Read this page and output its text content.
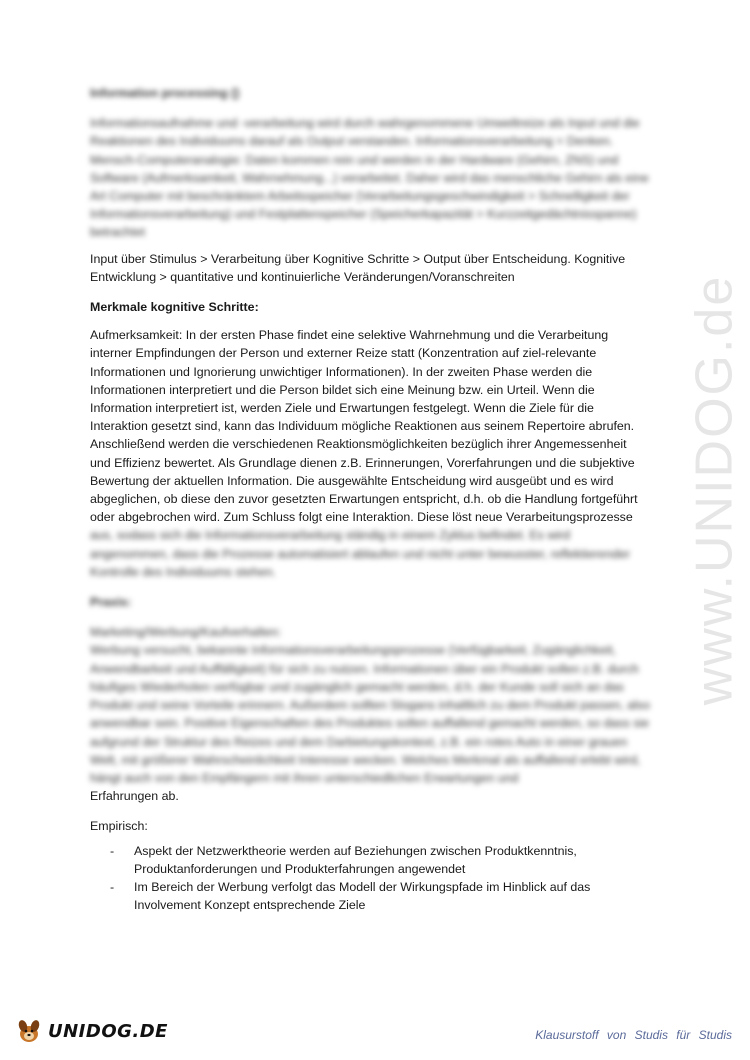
www.UNIDOG.de

Information processing ()

Informationsaufnahme und -verarbeitung wird durch wahrgenommene Umweltreize als Input und die Reaktionen des Individuums darauf als Output verstanden. Informationsverarbeitung = Denken. Mensch-Computeranalogie: Daten kommen rein und werden in der Hardware (Gehirn, ZNS) und Software (Aufmerksamkeit, Wahrnehmung...) verarbeitet. Daher wird das menschliche Gehirn als eine Art Computer mit beschränktem Arbeitsspeicher (Verarbeitungsgeschwindigkeit > Schnelligkeit der Informationsverarbeitung) und Festplattenspeicher (Speicherkapazität > Kurzzeitgedächtnisspanne) betrachtet

Input über Stimulus > Verarbeitung über Kognitive Schritte > Output über Entscheidung. Kognitive Entwicklung > quantitative und kontinuierliche Veränderungen/Voranschreiten

Merkmale kognitive Schritte:

Aufmerksamkeit: In der ersten Phase findet eine selektive Wahrnehmung und die Verarbeitung interner Empfindungen der Person und externer Reize statt (Konzentration auf ziel-relevante Informationen und Ignorierung unwichtiger Informationen). In der zweiten Phase werden die Informationen interpretiert und die Person bildet sich eine Meinung bzw. ein Urteil. Wenn die Information interpretiert ist, werden Ziele und Erwartungen festgelegt. Wenn die Ziele für die Interaktion gesetzt sind, kann das Individuum mögliche Reaktionen aus seinem Repertoire abrufen. Anschließend werden die verschiedenen Reaktionsmöglichkeiten bezüglich ihrer Angemessenheit und Effizienz bewertet. Als Grundlage dienen z.B. Erinnerungen, Vorerfahrungen und die subjektive Bewertung der aktuellen Information. Die ausgewählte Entscheidung wird ausgeübt und es wird abgeglichen, ob diese den zuvor gesetzten Erwartungen entspricht, d.h. ob die Handlung fortgeführt oder abgebrochen wird. Zum Schluss folgt eine Interaktion. Diese löst neue Verarbeitungsprozesse

aus, sodass sich die Informationsverarbeitung ständig in einem Zyklus befindet. Es wird angenommen, dass die Prozesse automatisiert ablaufen und nicht unter bewusster, reflektierender Kontrolle des Individuums stehen.

Praxis:

Marketing/Werbung/Kaufverhalten:

Werbung versucht, bekannte Informationsverarbeitungsprozesse (Verfügbarkeit, Zugänglichkeit, Anwendbarkeit und Auffälligkeit) für sich zu nutzen. Informationen über ein Produkt sollen z.B. durch häufiges Wiederholen verfügbar und zugänglich gemacht werden, d.h. der Kunde soll sich an das Produkt und seine Vorteile erinnern. Außerdem sollten Slogans inhaltlich zu dem Produkt passen, also anwendbar sein. Positive Eigenschaften des Produktes sollen auffallend gemacht werden, so dass sie aufgrund der Struktur des Reizes und dem Darbietungskontext, z.B. ein rotes Auto in einer grauen Welt, mit größerer Wahrscheinlichkeit Interesse wecken. Welches Merkmal als auffallend erlebt wird, hängt auch von den Empfängern mit ihren unterschiedlichen Erwartungen und

Erfahrungen ab.

Empirisch:

- Aspekt der Netzwerktheorie werden auf Beziehungen zwischen Produktkenntnis, Produktanforderungen und Produkterfahrungen angewendet
- Im Bereich der Werbung verfolgt das Modell der Wirkungspfade im Hinblick auf das Involvement Konzept entsprechende Ziele
UNIDOG.DE	Klausurstoff von Studis für Studis
